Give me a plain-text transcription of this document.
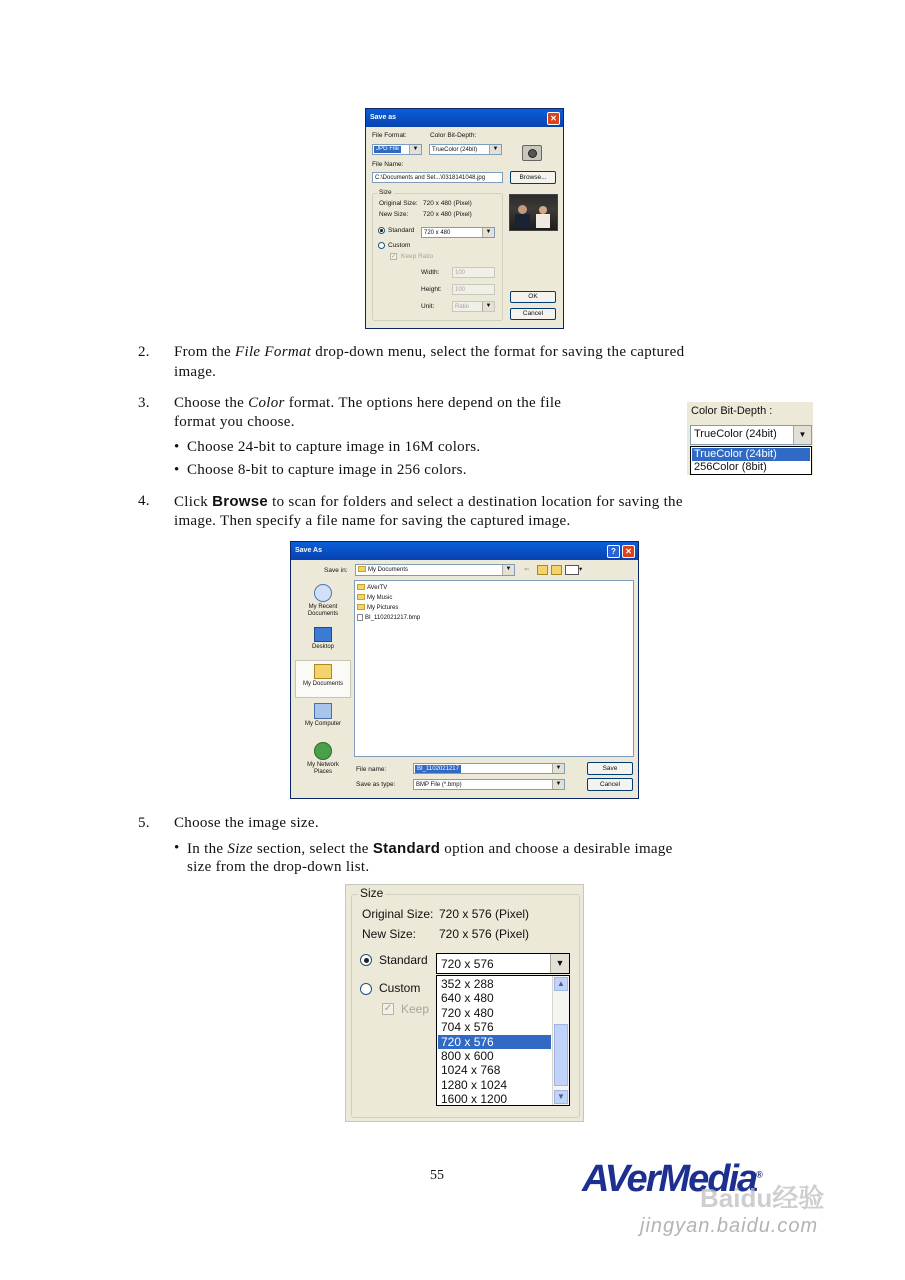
Save as	✕
File Format:
JPG File	▼
Color Bit-Depth:
TrueColor (24bit)	▼
File Name:
C:\Documents and Set...\0318141048.jpg	Browse...
Size
Original Size: 720 x 480 (Pixel)
New Size: 720 x 480 (Pixel)
Standard 720 x 480	▼
Custom
✓ Keep Ratio
Width:	100
Height: 100
Unit:	Ratio	▼
OK
Cancel
2. From the File Format drop-down menu, select the format for saving the captured
image.
3. Choose the Color format. The options here depend on the file
format you choose.
• Choose 24-bit to capture image in 16M colors.
• Choose 8-bit to capture image in 256 colors.
Color Bit-Depth :
TrueColor (24bit)	▼
TrueColor (24bit)
256Color (8bit)
4. Click Browse to scan for folders and select a destination location for saving the
image. Then specify a file name for saving the captured image.
Save As	?	✕
Save in:	My Documents	▼	⇐	▾
My Recent Documents
Desktop
My Documents
My Computer
My Network Places
AVerTV
My Music
My Pictures
BI_1102021217.bmp
File name:	BI_1102021217	▼
Save as type:	BMP File (*.bmp)	▼
Save
Cancel
5. Choose the image size.
• In the Size section, select the Standard option and choose a desirable image
size from the drop-down list.
Size
Original Size: 720 x 576 (Pixel)
New Size: 720 x 576 (Pixel)
Standard 720 x 576	▼
Custom
✓ Keep
352 x 288
640 x 480
720 x 480
704 x 576
720 x 576
800 x 600
1024 x 768
1280 x 1024
1600 x 1200
▲
▼
55	AVerMedia®
Baidu经验
jingyan.baidu.com
